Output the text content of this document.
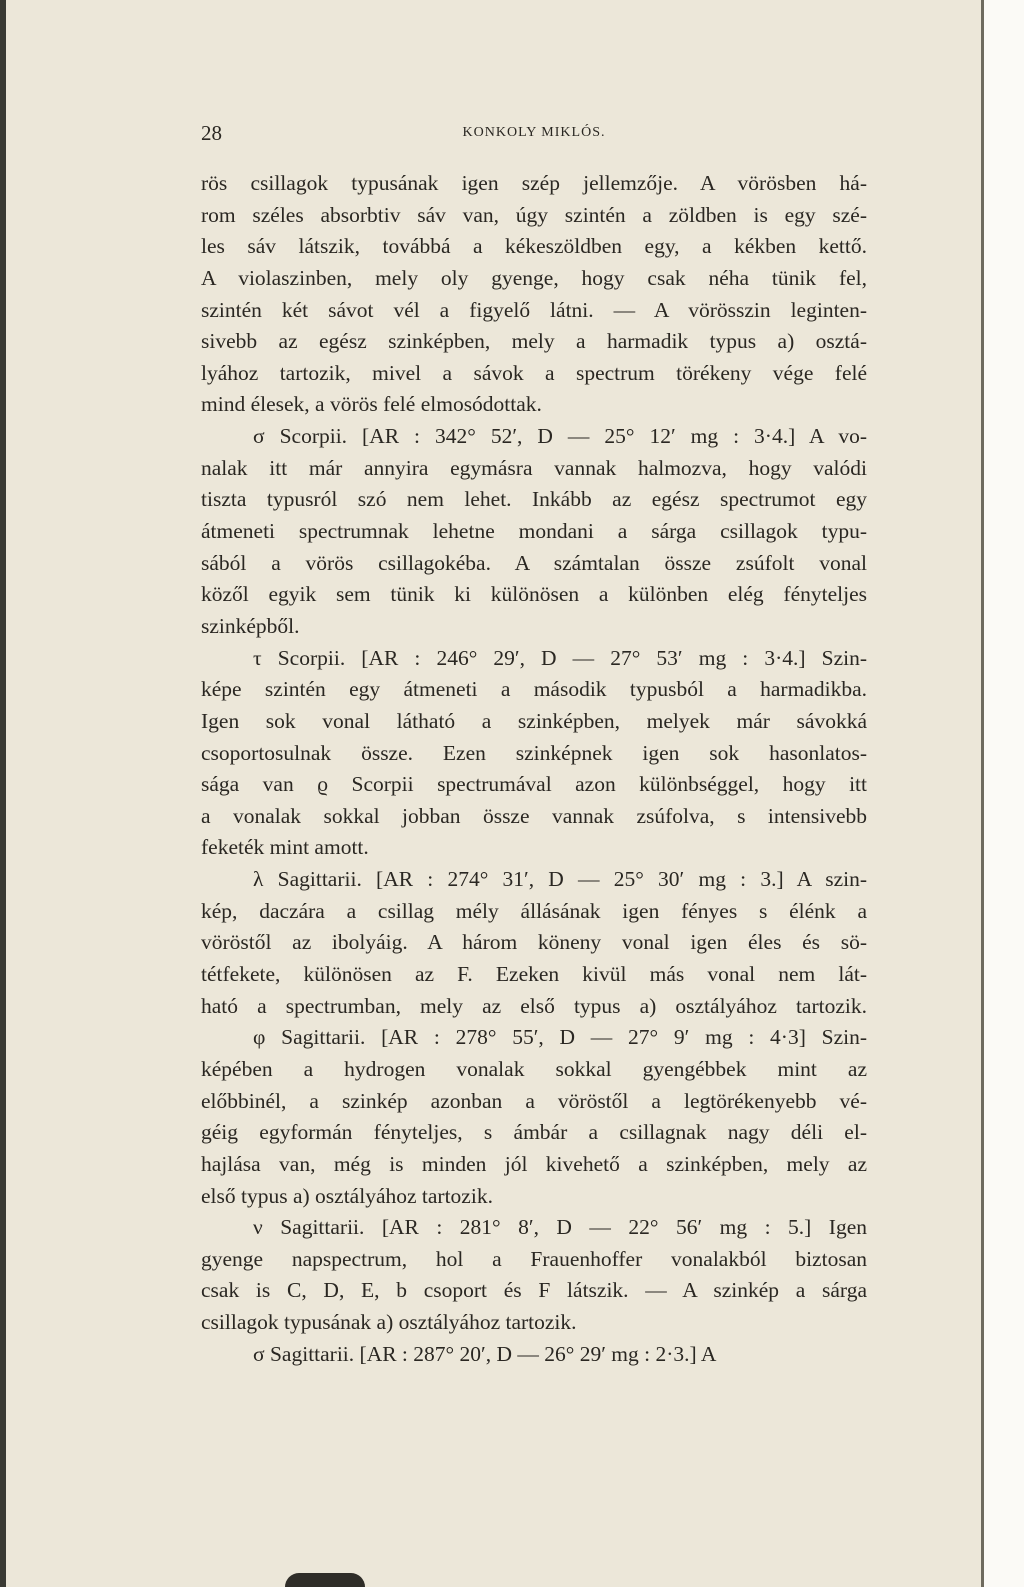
28	KONKOLY MIKLÓS.
rös csillagok typusának igen szép jellemzője. A vörösben há-
rom széles absorbtiv sáv van, úgy szintén a zöldben is egy szé-
les sáv látszik, továbbá a kékeszöldben egy, a kékben kettő.
A violaszinben, mely oly gyenge, hogy csak néha tünik fel,
szintén két sávot vél a figyelő látni. — A vörösszin leginten-
sivebb az egész szinképben, mely a harmadik typus a) osztá-
lyához tartozik, mivel a sávok a spectrum törékeny vége felé
mind élesek, a vörös felé elmosódottak.
σ Scorpii. [AR : 342° 52′, D — 25° 12′ mg : 3·4.] A vo-
nalak itt már annyira egymásra vannak halmozva, hogy valódi
tiszta typusról szó nem lehet. Inkább az egész spectrumot egy
átmeneti spectrumnak lehetne mondani a sárga csillagok typu-
sából a vörös csillagokéba. A számtalan össze zsúfolt vonal
közől egyik sem tünik ki különösen a különben elég fényteljes
szinképből.
τ Scorpii. [AR : 246° 29′, D — 27° 53′ mg : 3·4.] Szin-
képe szintén egy átmeneti a második typusból a harmadikba.
Igen sok vonal látható a szinképben, melyek már sávokká
csoportosulnak össze. Ezen szinképnek igen sok hasonlatos-
sága van ϱ Scorpii spectrumával azon különbséggel, hogy itt
a vonalak sokkal jobban össze vannak zsúfolva, s intensivebb
feketék mint amott.
λ Sagittarii. [AR : 274° 31′, D — 25° 30′ mg : 3.] A szin-
kép, daczára a csillag mély állásának igen fényes s élénk a
vöröstől az ibolyáig. A három köneny vonal igen éles és sö-
tétfekete, különösen az F. Ezeken kivül más vonal nem lát-
ható a spectrumban, mely az első typus a) osztályához tartozik.
φ Sagittarii. [AR : 278° 55′, D — 27° 9′ mg : 4·3] Szin-
képében a hydrogen vonalak sokkal gyengébbek mint az
előbbinél, a szinkép azonban a vöröstől a legtörékenyebb vé-
géig egyformán fényteljes, s ámbár a csillagnak nagy déli el-
hajlása van, még is minden jól kivehető a szinképben, mely az
első typus a) osztályához tartozik.
ν Sagittarii. [AR : 281° 8′, D — 22° 56′ mg : 5.] Igen
gyenge napspectrum, hol a Frauenhoffer vonalakból biztosan
csak is C, D, E, b csoport és F látszik. — A szinkép a sárga
csillagok typusának a) osztályához tartozik.
σ Sagittarii. [AR : 287° 20′, D — 26° 29′ mg : 2·3.] A
